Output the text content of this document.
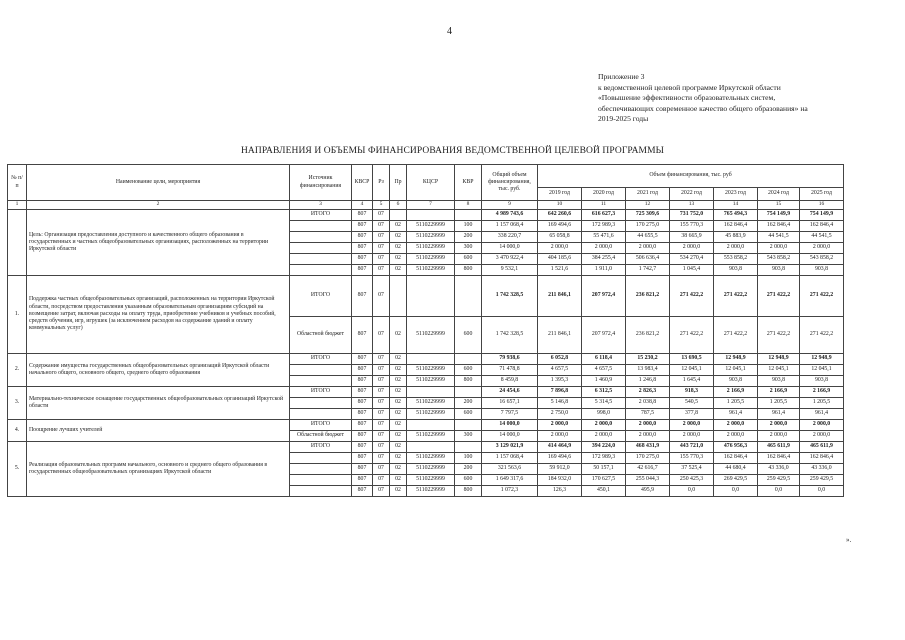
4
Приложение 3
к ведомственной целевой программе Иркутской области
«Повышение эффективности образовательных систем,
обеспечивающих современное качество общего образования» на
2019-2025 годы
НАПРАВЛЕНИЯ И ОБЪЕМЫ ФИНАНСИРОВАНИЯ ВЕДОМСТВЕННОЙ ЦЕЛЕВОЙ ПРОГРАММЫ
№ п/п	Наименование цели, мероприятия	Источник финансирования	КВСР	Рз	Пр	КЦСР	КВР	Общий объем финансирования, тыс. руб.	Объем финансирования, тыс. руб						
									2019 год	2020 год	2021 год	2022 год	2023 год	2024 год	2025 год
1	2	3	4	5	6	7	8	9	10	11	12	13	14	15	16
	Цель: Организация предоставления доступного и качественного общего образования в государственных и частных общеобразовательных организациях, расположенных на территории Иркутской области	ИТОГО	807	07				4 989 743,6	642 260,6	616 627,3	725 309,6	731 752,0	765 494,3	754 149,9	754 149,9
			807	07	02	5110229999	100	1 157 068,4	169 494,6	172 989,3	170 275,0	155 770,3	162 846,4	162 846,4	162 846,4
			807	07	02	5110229999	200	338 220,7	65 058,8	55 471,6	44 655,5	38 665,9	45 883,9	44 541,5	44 541,5
			807	07	02	5110229999	300	14 000,0	2 000,0	2 000,0	2 000,0	2 000,0	2 000,0	2 000,0	2 000,0
			807	07	02	5110229999	600	3 470 922,4	404 185,6	384 255,4	506 636,4	534 270,4	553 858,2	543 858,2	543 858,2
			807	07	02	5110229999	800	9 532,1	1 521,6	1 911,0	1 742,7	1 045,4	903,8	903,8	903,8
1.	Поддержка частных общеобразовательных организаций, расположенных на территории Иркутской области, посредством предоставления указанным образовательным организациям субсидий на возмещение затрат, включая расходы на оплату труда, приобретение учебников и учебных пособий, средств обучения, игр, игрушек (за исключением расходов на содержание зданий и оплату коммунальных услуг)	ИТОГО	807	07				1 742 328,5	211 846,1	207 972,4	236 821,2	271 422,2	271 422,2	271 422,2	271 422,2
		Областной бюджет	807	07	02	5110229999	600	1 742 328,5	211 846,1	207 972,4	236 821,2	271 422,2	271 422,2	271 422,2	271 422,2
2.	Содержание имущества государственных общеобразовательных организаций Иркутской области начального общего, основного общего, среднего общего образования	ИТОГО	807	07	02			79 938,6	6 052,8	6 118,4	15 230,2	13 690,5	12 948,9	12 948,9	12 948,9
			807	07	02	5110229999	600	71 478,8	4 657,5	4 657,5	13 983,4	12 045,1	12 045,1	12 045,1	12 045,1
			807	07	02	5110229999	800	8 459,8	1 395,3	1 460,9	1 246,8	1 645,4	903,8	903,8	903,8
3.	Материально-техническое оснащение государственных общеобразовательных организаций Иркутской области	ИТОГО	807	07	02			24 454,6	7 896,8	6 312,5	2 826,3	918,3	2 166,9	2 166,9	2 166,9
			807	07	02	5110229999	200	16 657,1	5 146,8	5 314,5	2 038,8	540,5	1 205,5	1 205,5	1 205,5
			807	07	02	5110229999	600	7 797,5	2 750,0	998,0	787,5	377,8	961,4	961,4	961,4
4.	Поощрение лучших учителей	ИТОГО	807	07	02			14 000,0	2 000,0	2 000,0	2 000,0	2 000,0	2 000,0	2 000,0	2 000,0
		Областной бюджет	807	07	02	5110229999	300	14 000,0	2 000,0	2 000,0	2 000,0	2 000,0	2 000,0	2 000,0	2 000,0
5.	Реализация образовательных программ начального, основного и среднего общего образования в государственных общеобразовательных организациях Иркутской области	ИТОГО	807	07	02			3 129 021,9	414 464,9	394 224,0	468 431,9	443 721,0	476 956,3	465 611,9	465 611,9
			807	07	02	5110229999	100	1 157 068,4	169 494,6	172 989,3	170 275,0	155 770,3	162 846,4	162 846,4	162 846,4
			807	07	02	5110229999	200	321 563,6	59 912,0	50 157,1	42 616,7	37 525,4	44 680,4	43 336,0	43 336,0
			807	07	02	5110229999	600	1 649 317,6	184 932,0	170 627,5	255 044,3	250 425,3	269 429,5	259 429,5	259 429,5
			807	07	02	5110229999	800	1 072,3	126,3	450,1	495,9	0,0	0,0	0,0	0,0
».
